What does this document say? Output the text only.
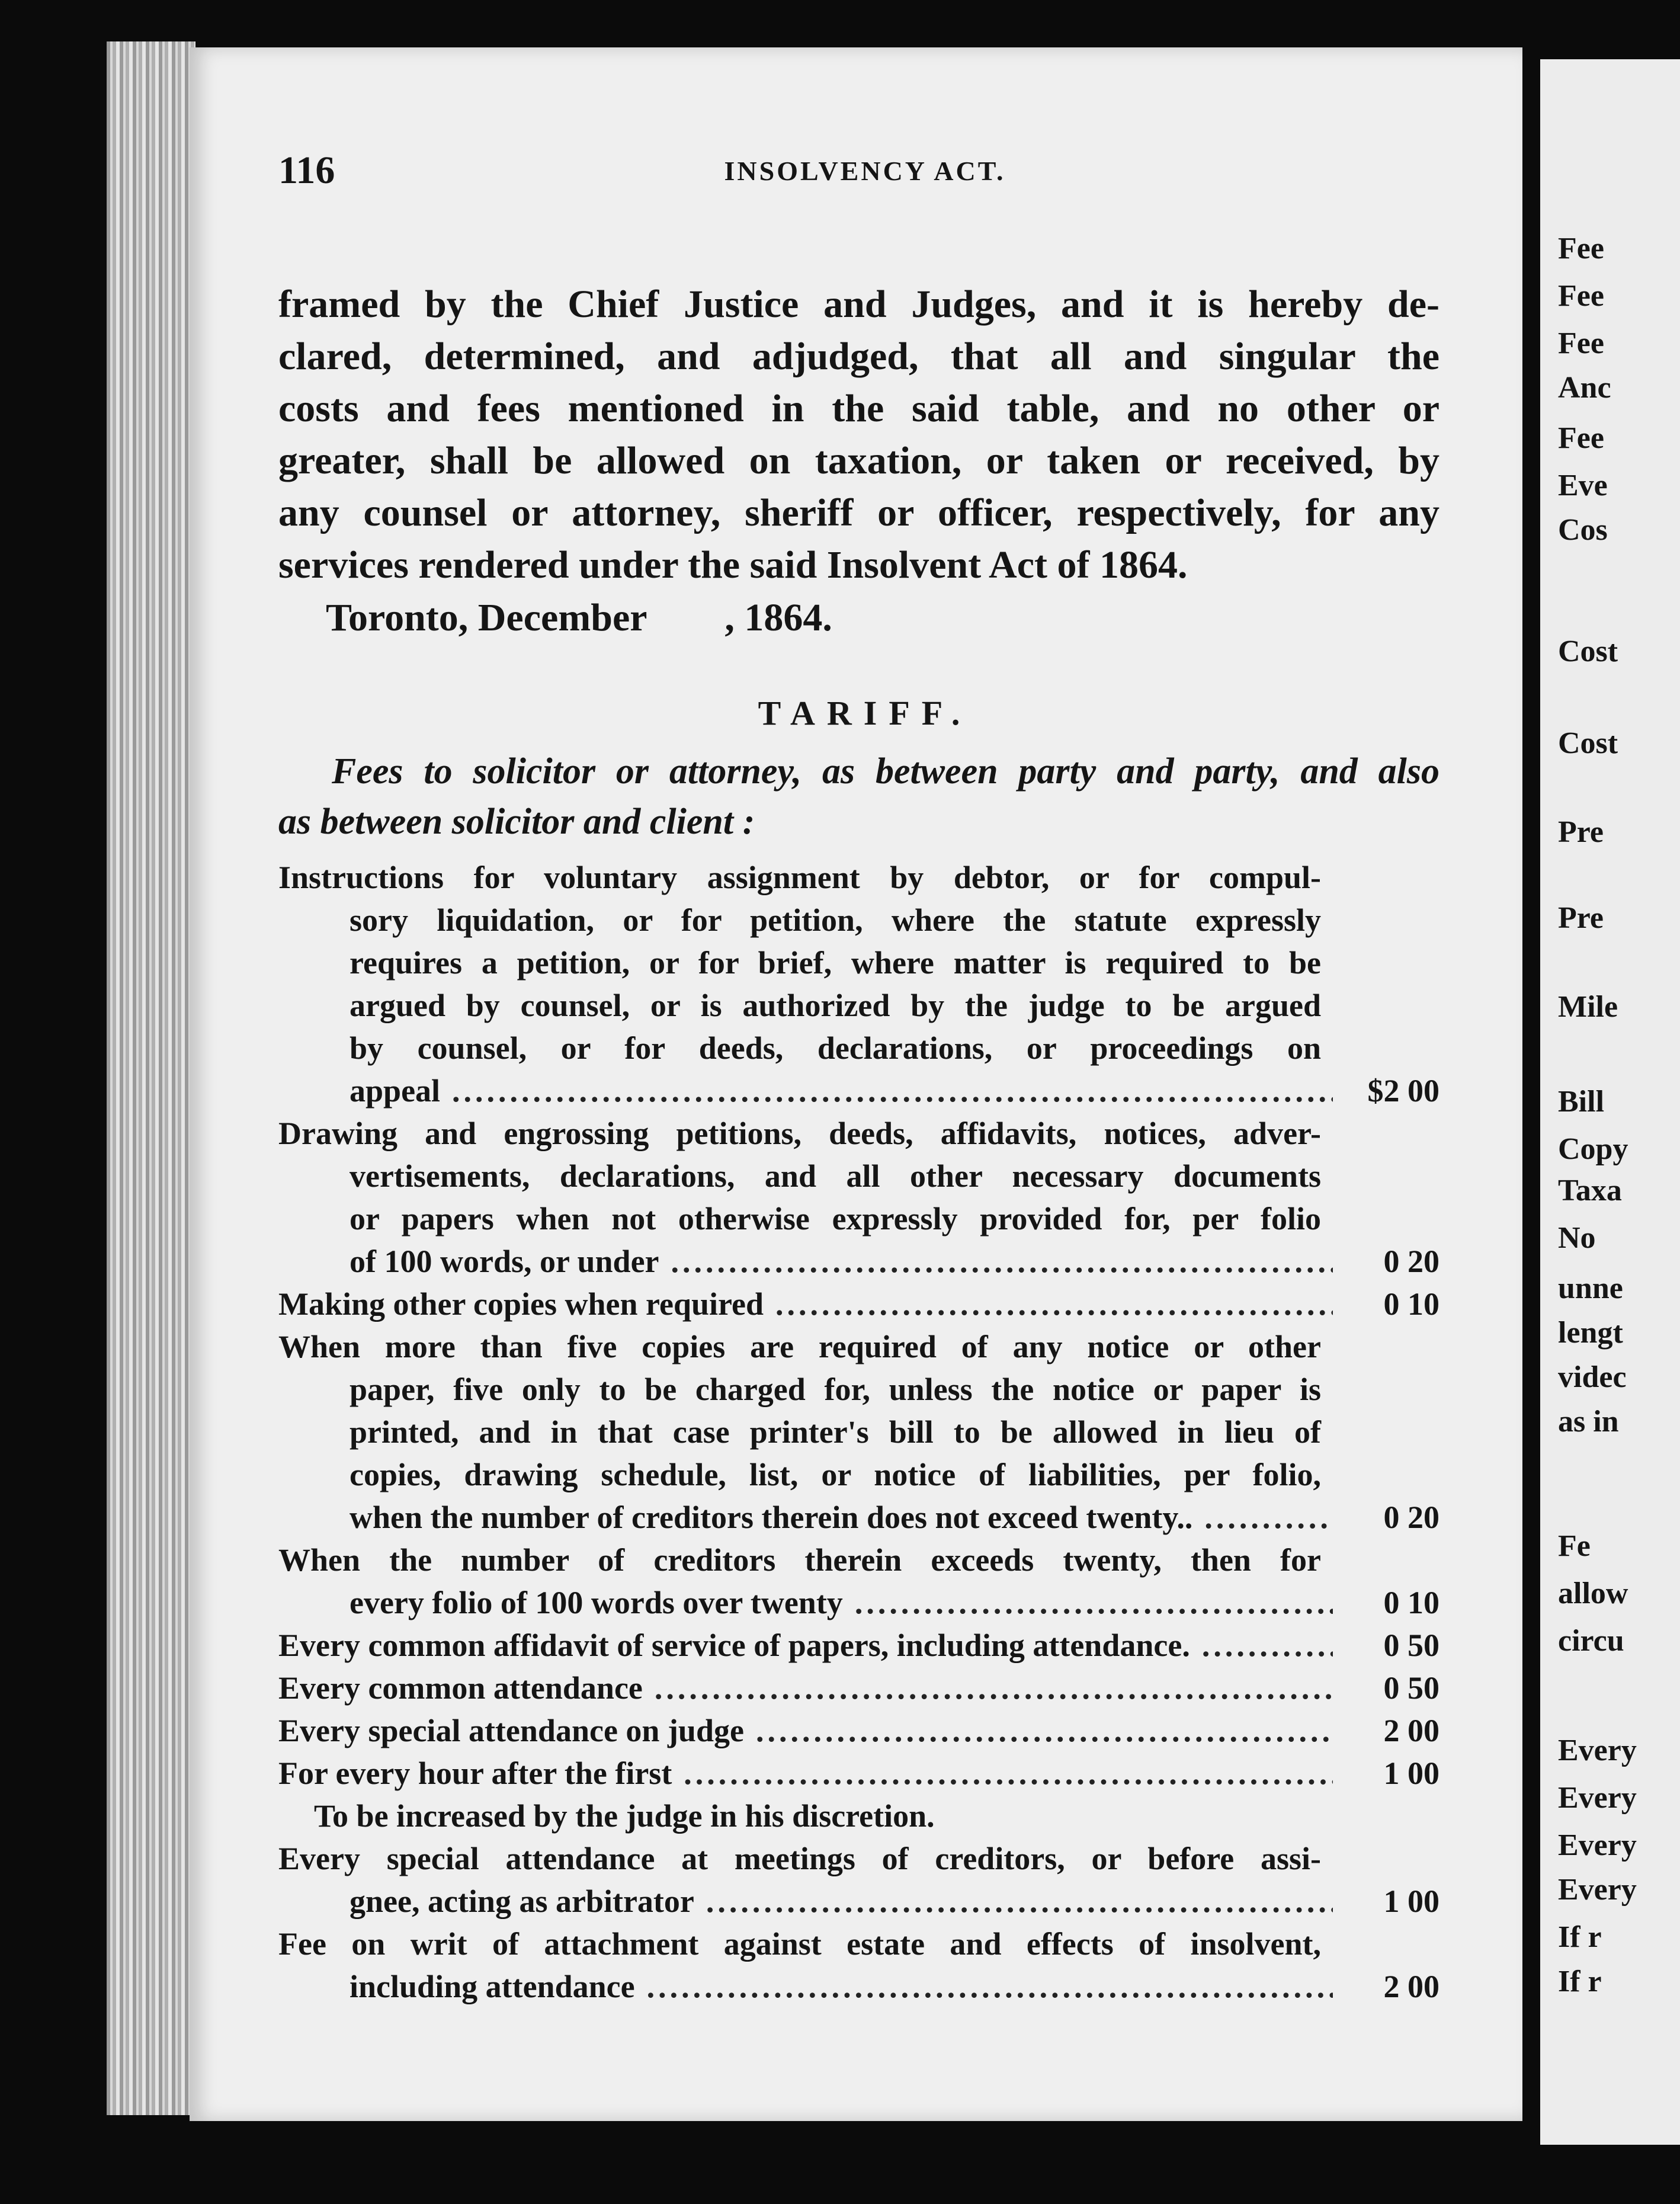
116	INSOLVENCY ACT.
framed by the Chief Justice and Judges, and it is hereby de-
clared, determined, and adjudged, that all and singular the
costs and fees mentioned in the said table, and no other or
greater, shall be allowed on taxation, or taken or received, by
any counsel or attorney, sheriff or officer, respectively, for any
services rendered under the said Insolvent Act of 1864.
Toronto, December        , 1864.
TARIFF.
Fees to solicitor or attorney, as between party and party, and also
as between solicitor and client :
Instructions for voluntary assignment by debtor, or for compul-
sory liquidation, or for petition, where the statute expressly
requires a petition, or for brief, where matter is required to be
argued by counsel, or is authorized by the judge to be argued
by counsel, or for deeds, declarations, or proceedings on
appeal .....	$2 00
Drawing and engrossing petitions, deeds, affidavits, notices, adver-
vertisements, declarations, and all other necessary documents
or papers when not otherwise expressly provided for, per folio
of 100 words, or under .....	0 20
Making other copies when required .....	0 10
When more than five copies are required of any notice or other
paper, five only to be charged for, unless the notice or paper is
printed, and in that case printer's bill to be allowed in lieu of
copies, drawing schedule, list, or notice of liabilities, per folio,
when the number of creditors therein does not exceed twenty.. .....	0 20
When the number of creditors therein exceeds twenty, then for
every folio of 100 words over twenty .....	0 10
Every common affidavit of service of papers, including attendance. .....	0 50
Every common attendance .....	0 50
Every special attendance on judge .....	2 00
For every hour after the first .....	1 00
To be increased by the judge in his discretion.
Every special attendance at meetings of creditors, or before assi-
gnee, acting as arbitrator .....	1 00
Fee on writ of attachment against estate and effects of insolvent,
including attendance .....	2 00
Fee
Fee
Fee
Anc
Fee
Eve
Cos
Cost
Cost
Pre
Pre
Mile
Bill
Copy
Taxa
No
unne
lengt
videc
as in
Fe
allow
circu
Every
Every
Every
Every
If r
If r
